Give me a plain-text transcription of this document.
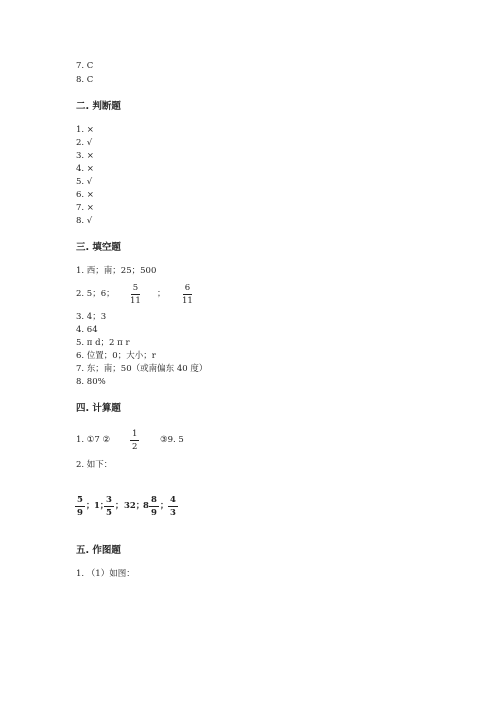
7. C
8. C
二. 判断题
1. ×
2. √
3. ×
4. ×
5. √
6. ×
7. ×
8. √
三. 填空题
1. 西；南；25；500
2. 5；6； $\frac{5}{11}$ ； $\frac{6}{11}$
3. 4；3
4. 64
5. π d；2 π r
6. 位置；0；大小；r
7. 东；南；50（或南偏东 40 度）
8. 80%
四. 计算题
1. ①7 ② $\frac{1}{2}$ ③9. 5
2. 如下：
$\frac{5}{9}$ ； 1；
$\frac{3}{5}$ ； 32；
$8 \frac{8}{9}$ ； $\frac{4}{3}$
五. 作图题
1. （1）如图：
